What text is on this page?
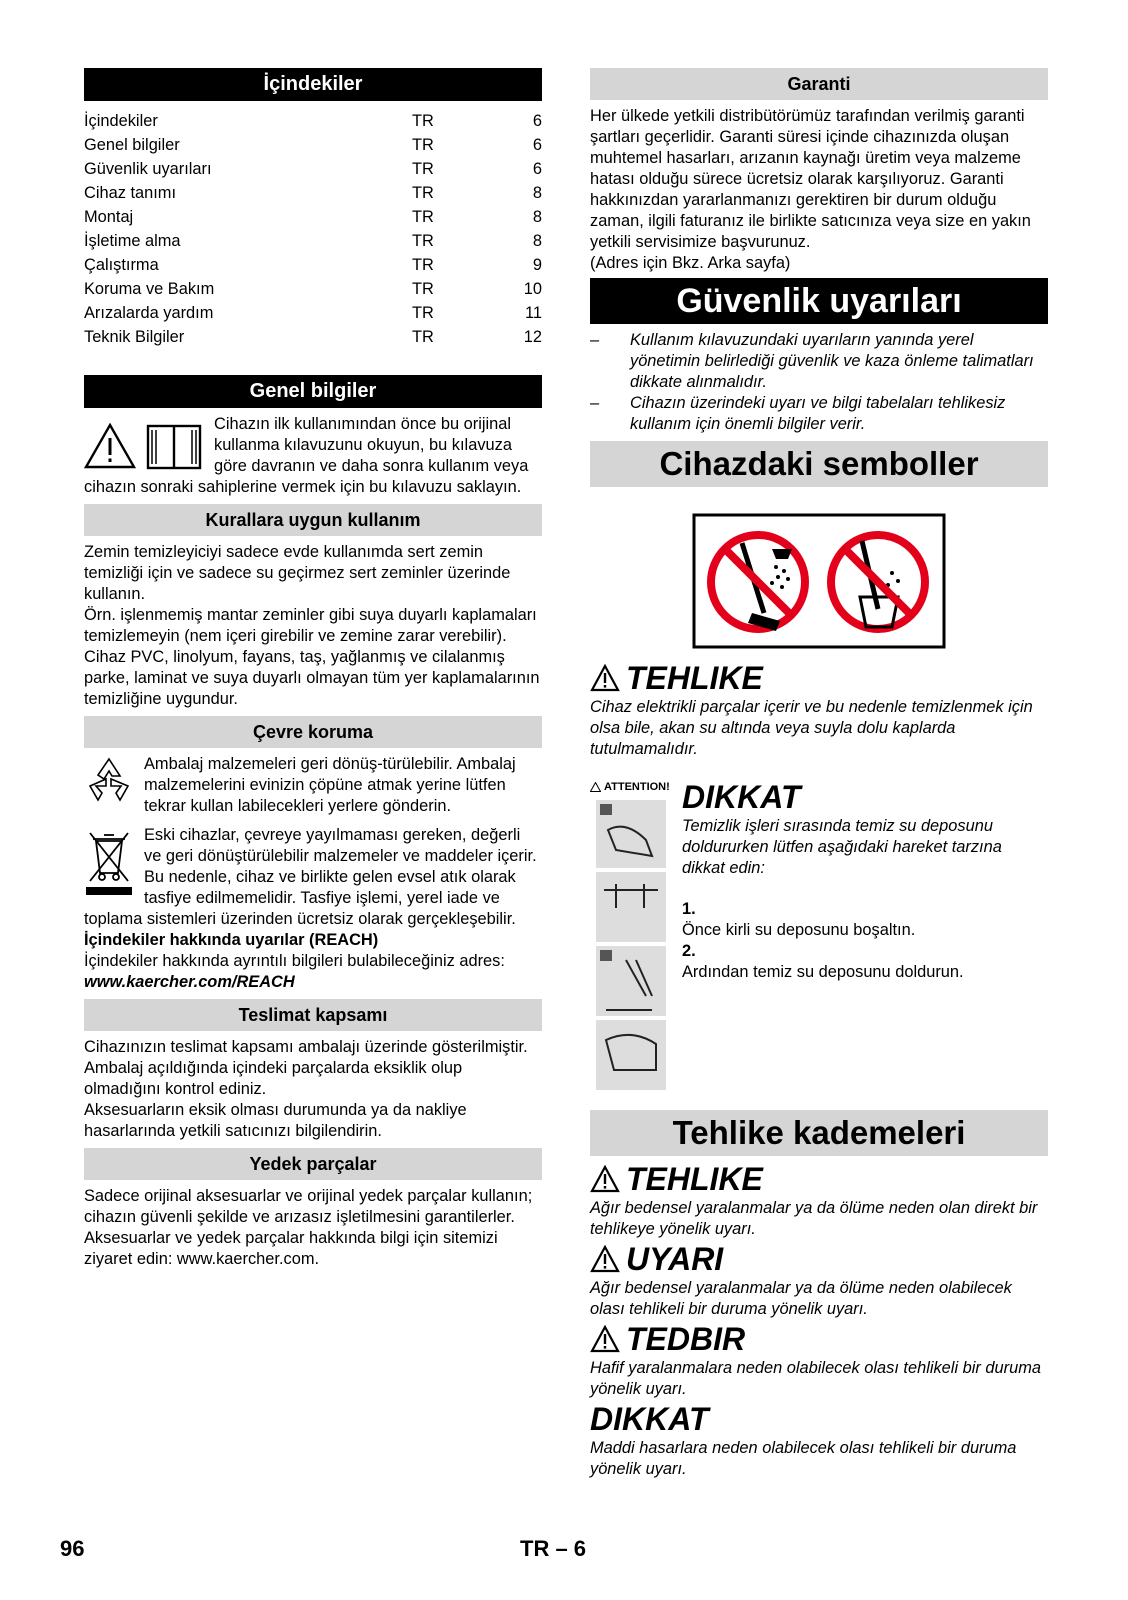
İçindekiler
İçindekiler	TR	6
Genel bilgiler	TR	6
Güvenlik uyarıları	TR	6
Cihaz tanımı	TR	8
Montaj	TR	8
İşletime alma	TR	8
Çalıştırma	TR	9
Koruma ve Bakım	TR	10
Arızalarda yardım	TR	11
Teknik Bilgiler	TR	12
Genel bilgiler

Cihazın ilk kullanımından önce bu orijinal kullanma kılavuzunu okuyun, bu kılavuza göre davranın ve daha sonra kullanım veya cihazın sonraki sahiplerine vermek için bu kılavuzu saklayın.

Kurallara uygun kullanım

Zemin temizleyiciyi sadece evde kullanımda sert zemin temizliği için ve sadece su geçirmez sert zeminler üzerinde kullanın.

Örn. işlenmemiş mantar zeminler gibi suya duyarlı kaplamaları temizlemeyin (nem içeri girebilir ve zemine zarar verebilir).

Cihaz PVC, linolyum, fayans, taş, yağlanmış ve cilalanmış parke, laminat ve suya duyarlı olmayan tüm yer kaplamalarının temizliğine uygundur.

Çevre koruma

Ambalaj malzemeleri geri dönüş-türülebilir. Ambalaj malzemelerini evinizin çöpüne atmak yerine lütfen tekrar kullan labilecekleri yerlere gönderin.

Eski cihazlar, çevreye yayılmaması gereken, değerli ve geri dönüştürülebilir malzemeler ve maddeler içerir. Bu nedenle, cihaz ve birlikte gelen evsel atık olarak tasfiye edilmemelidir. Tasfiye işlemi, yerel iade ve toplama sistemleri üzerinden ücretsiz olarak gerçekleşebilir.

İçindekiler hakkında uyarılar (REACH)

İçindekiler hakkında ayrıntılı bilgileri bulabileceğiniz adres:

www.kaercher.com/REACH

Teslimat kapsamı

Cihazınızın teslimat kapsamı ambalajı üzerinde gösterilmiştir. Ambalaj açıldığında içindeki parçalarda eksiklik olup olmadığını kontrol ediniz.

Aksesuarların eksik olması durumunda ya da nakliye hasarlarında yetkili satıcınızı bilgilendirin.

Yedek parçalar

Sadece orijinal aksesuarlar ve orijinal yedek parçalar kullanın; cihazın güvenli şekilde ve arızasız işletilmesini garantilerler.

Aksesuarlar ve yedek parçalar hakkında bilgi için sitemizi ziyaret edin: www.kaercher.com.

Garanti

Her ülkede yetkili distribütörümüz tarafından verilmiş garanti şartları geçerlidir. Garanti süresi içinde cihazınızda oluşan muhtemel hasarları, arızanın kaynağı üretim veya malzeme hatası olduğu sürece ücretsiz olarak karşılıyoruz. Garanti hakkınızdan yararlanmanızı gerektiren bir durum olduğu zaman, ilgili faturanız ile birlikte satıcınıza veya size en yakın yetkili servisimize başvurunuz.

(Adres için Bkz. Arka sayfa)

Güvenlik uyarıları
–	Kullanım kılavuzundaki uyarıların yanında yerel yönetimin belirlediği güvenlik ve kaza önleme talimatları dikkate alınmalıdır.
–	Cihazın üzerindeki uyarı ve bilgi tabelaları tehlikesiz kullanım için önemli bilgiler verir.
Cihazdaki semboller
TEHLIKE

Cihaz elektrikli parçalar içerir ve bu nedenle temizlenmek için olsa bile, akan su altında veya suyla dolu kaplarda tutulmamalıdır.

ATTENTION! DIKKAT

Temizlik işleri sırasında temiz su deposunu doldururken lütfen aşağıdaki hareket tarzına dikkat edin:

1.

Önce kirli su deposunu boşaltın.

2.

Ardından temiz su deposunu doldurun.

Tehlike kademeleri
TEHLIKE

Ağır bedensel yaralanmalar ya da ölüme neden olan direkt bir tehlikeye yönelik uyarı.

UYARI

Ağır bedensel yaralanmalar ya da ölüme neden olabilecek olası tehlikeli bir duruma yönelik uyarı.

TEDBIR

Hafif yaralanmalara neden olabilecek olası tehlikeli bir duruma yönelik uyarı.

DIKKAT

Maddi hasarlara neden olabilecek olası tehlikeli bir duruma yönelik uyarı.

96	TR – 6
